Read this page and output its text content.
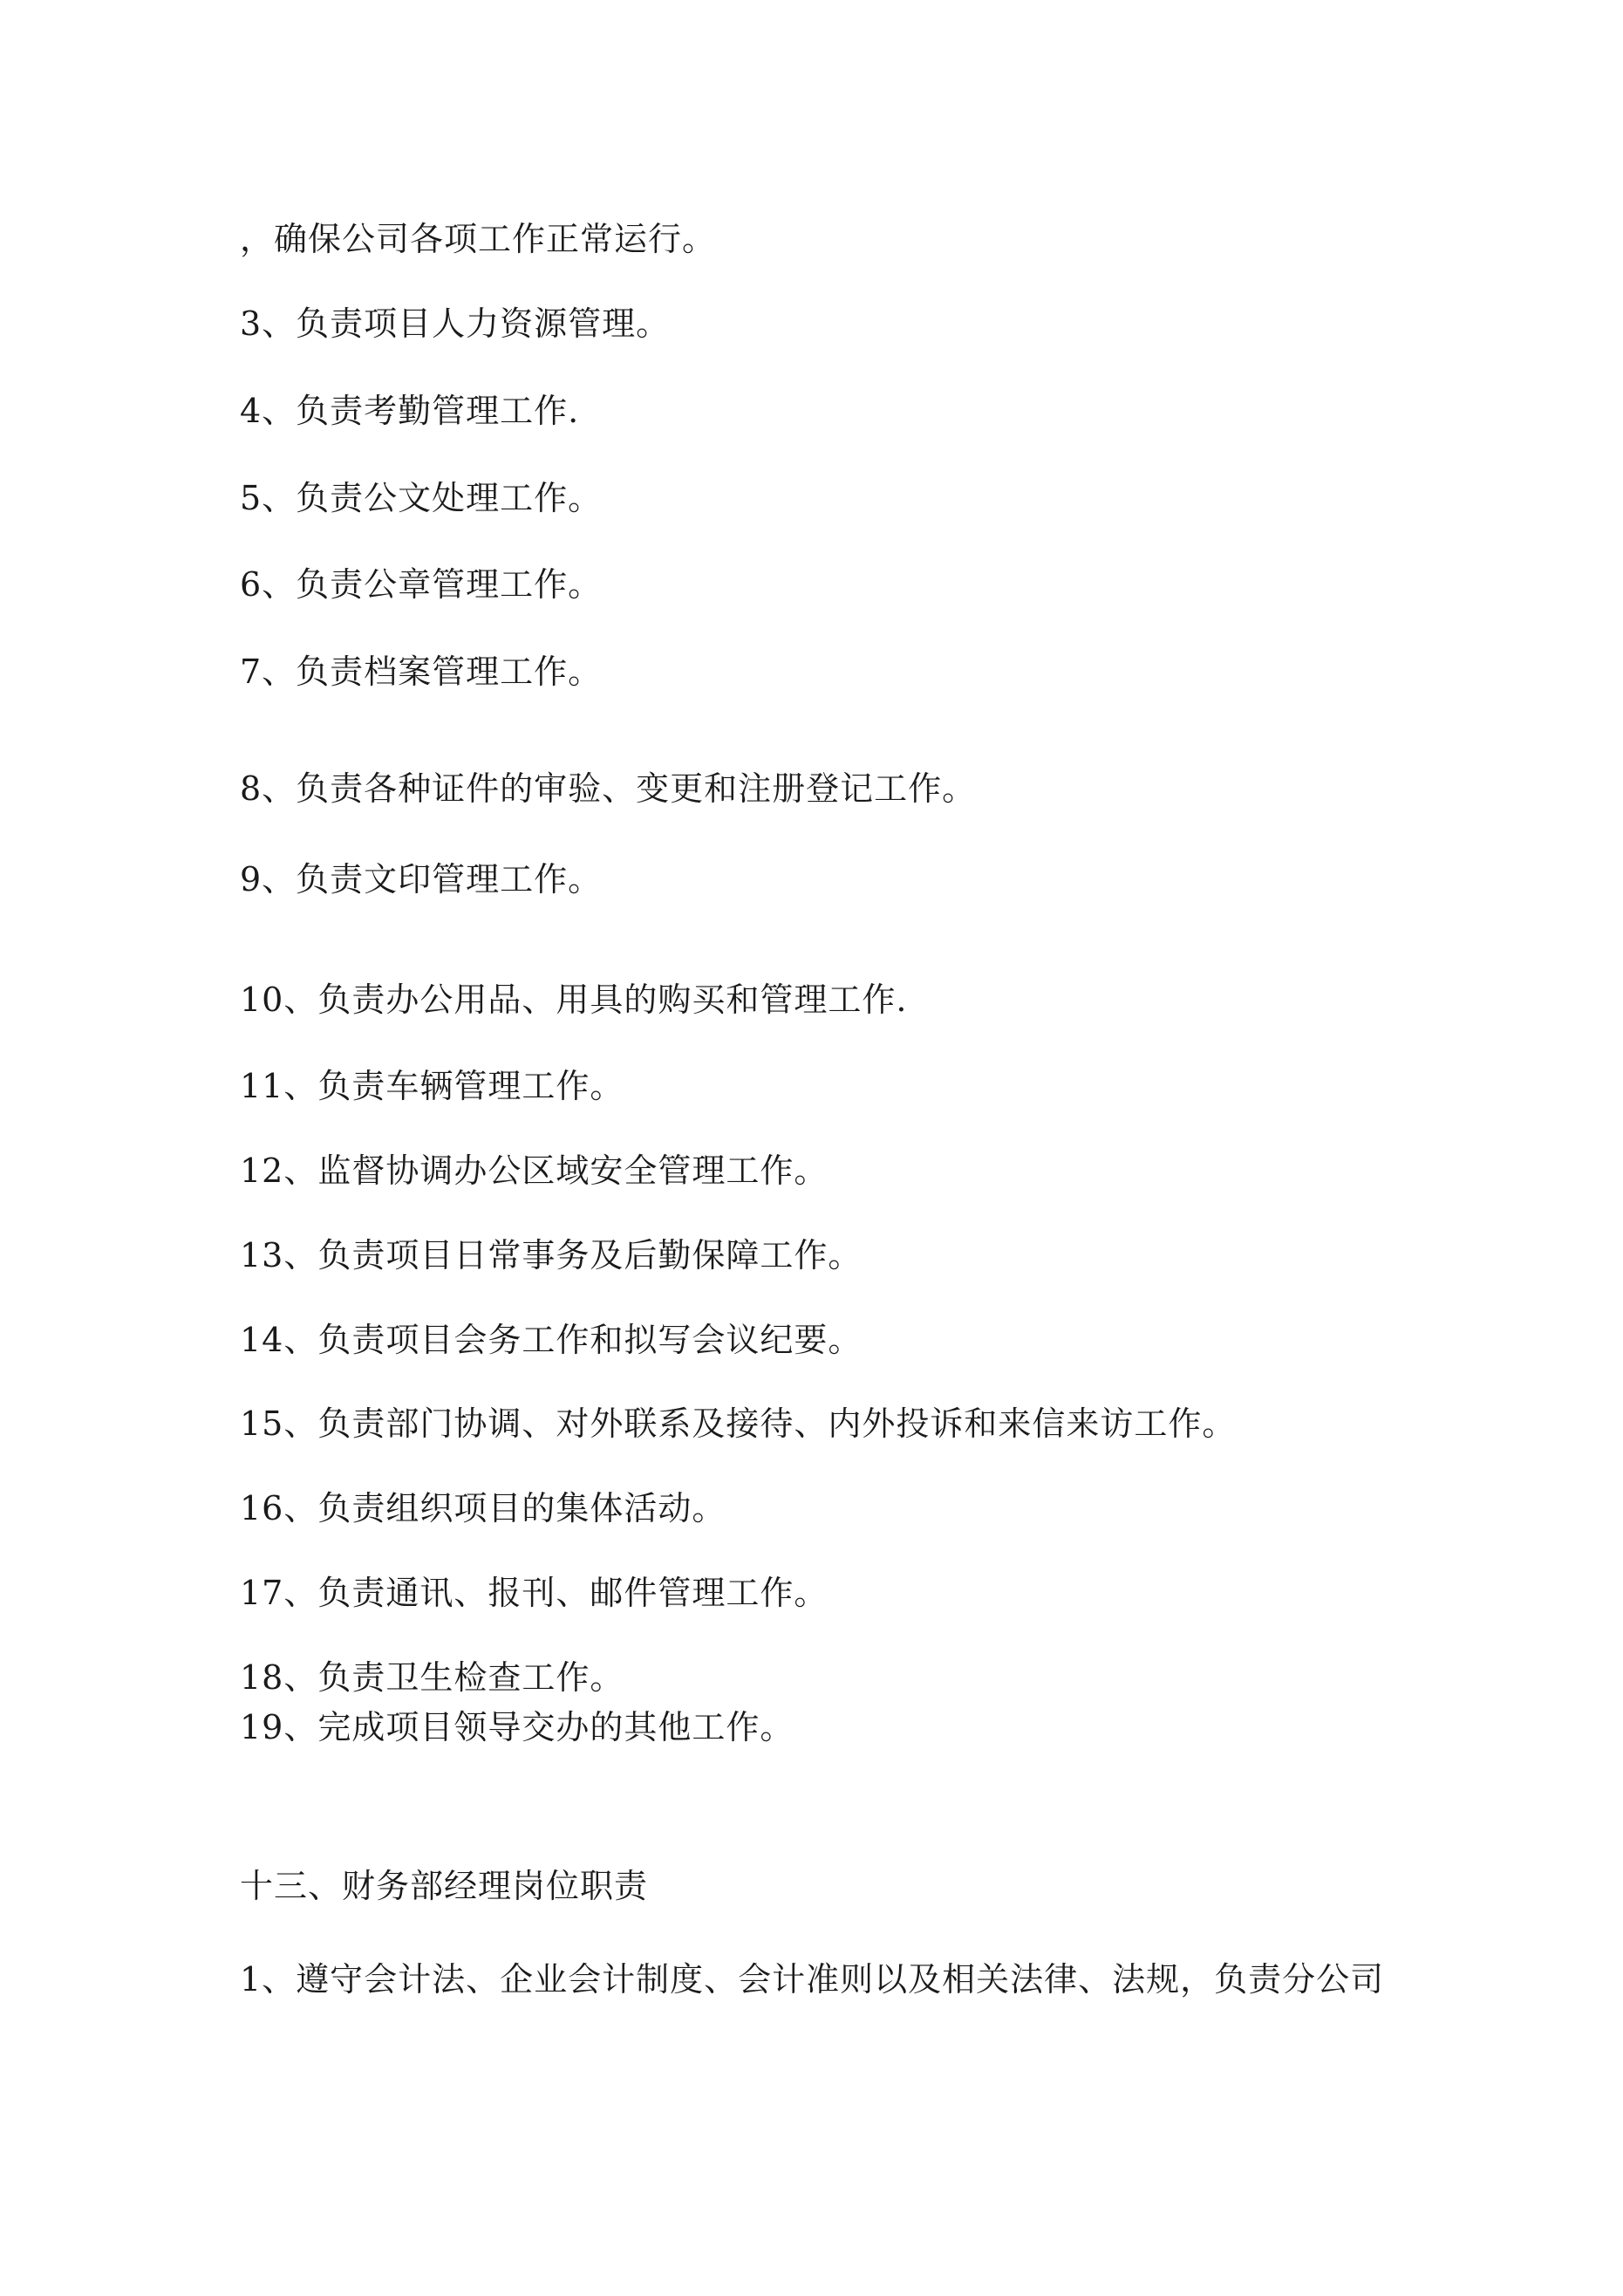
，确保公司各项工作正常运行。

3、负责项目人力资源管理。

4、负责考勤管理工作.

5、负责公文处理工作。

6、负责公章管理工作。

7、负责档案管理工作。

8、负责各种证件的审验、变更和注册登记工作。

9、负责文印管理工作。

10、负责办公用品、用具的购买和管理工作.

11、负责车辆管理工作。

12、监督协调办公区域安全管理工作。

13、负责项目日常事务及后勤保障工作。

14、负责项目会务工作和拟写会议纪要。

15、负责部门协调、对外联系及接待、内外投诉和来信来访工作。

16、负责组织项目的集体活动。

17、负责通讯、报刊、邮件管理工作。

18、负责卫生检查工作。

19、完成项目领导交办的其他工作。

十三、财务部经理岗位职责

1、遵守会计法、企业会计制度、会计准则以及相关法律、法规，负责分公司
